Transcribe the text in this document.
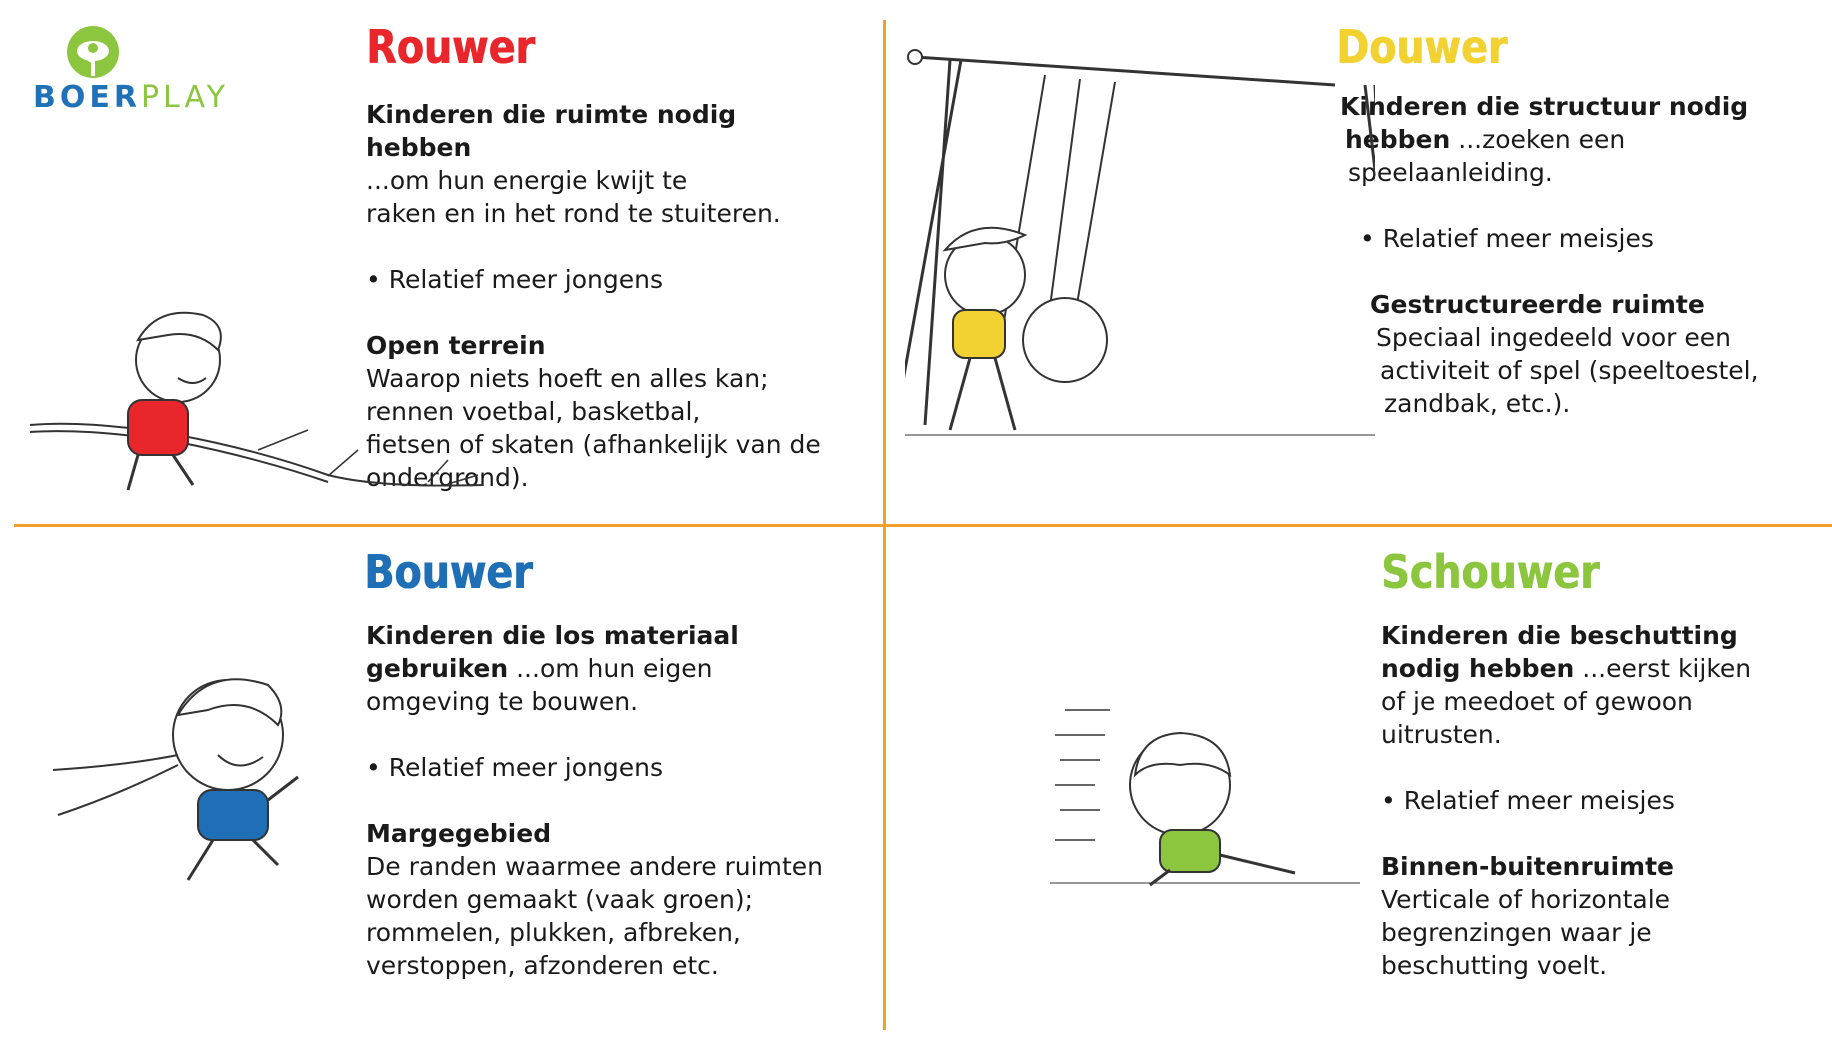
BOERPLAY
Rouwer

Kinderen die ruimte nodig hebben

...om hun energie kwijt te

raken en in het rond te stuiteren.

• Relatief meer jongens

Open terrein

Waarop niets hoeft en alles kan;

rennen voetbal, basketbal,

fietsen of skaten (afhankelijk van de

ondergrond).

Douwer

Kinderen die structuur nodig

hebben ...zoeken een

speelaanleiding.

• Relatief meer meisjes

Gestructureerde ruimte

Speciaal ingedeeld voor een

activiteit of spel (speeltoestel,

zandbak, etc.).

Bouwer

Kinderen die los materiaal

gebruiken ...om hun eigen

omgeving te bouwen.

• Relatief meer jongens

Margegebied

De randen waarmee andere ruimten

worden gemaakt (vaak groen);

rommelen, plukken, afbreken,

verstoppen, afzonderen etc.

Schouwer

Kinderen die beschutting

nodig hebben ...eerst kijken

of je meedoet of gewoon

uitrusten.

• Relatief meer meisjes

Binnen-buitenruimte

Verticale of horizontale

begrenzingen waar je

beschutting voelt.
